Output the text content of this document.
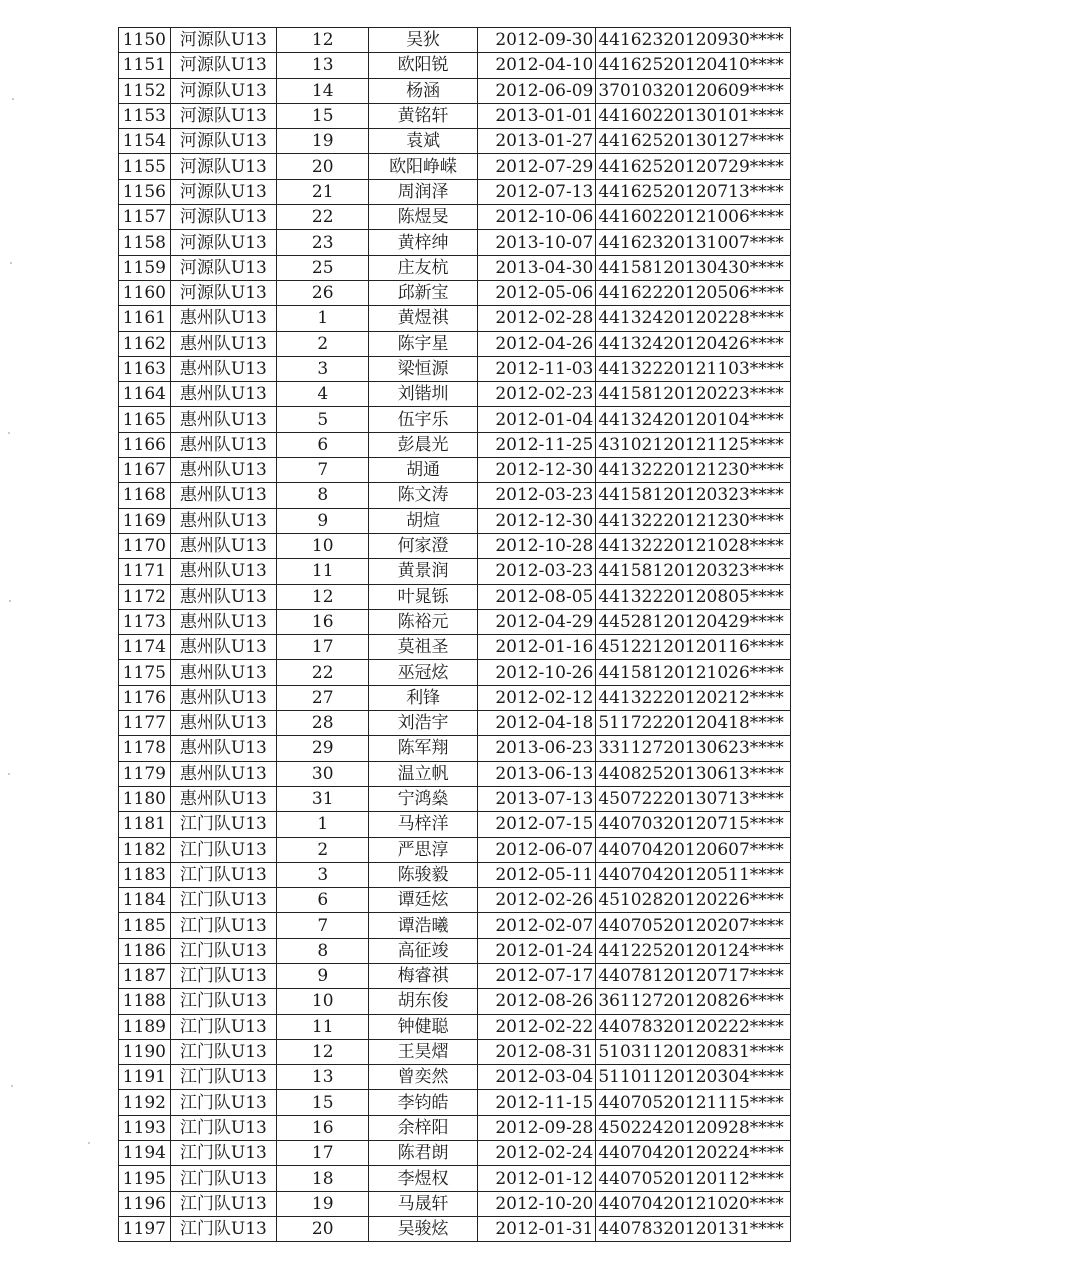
1150	河源队U13	12	吴狄	2012-09-30	44162320120930****
1151	河源队U13	13	欧阳锐	2012-04-10	44162520120410****
1152	河源队U13	14	杨涵	2012-06-09	37010320120609****
1153	河源队U13	15	黄铭轩	2013-01-01	44160220130101****
1154	河源队U13	19	袁斌	2013-01-27	44162520130127****
1155	河源队U13	20	欧阳峥嵘	2012-07-29	44162520120729****
1156	河源队U13	21	周润泽	2012-07-13	44162520120713****
1157	河源队U13	22	陈煜旻	2012-10-06	44160220121006****
1158	河源队U13	23	黄梓绅	2013-10-07	44162320131007****
1159	河源队U13	25	庄友杭	2013-04-30	44158120130430****
1160	河源队U13	26	邱新宝	2012-05-06	44162220120506****
1161	惠州队U13	1	黄煜祺	2012-02-28	44132420120228****
1162	惠州队U13	2	陈宇星	2012-04-26	44132420120426****
1163	惠州队U13	3	梁恒源	2012-11-03	44132220121103****
1164	惠州队U13	4	刘锴圳	2012-02-23	44158120120223****
1165	惠州队U13	5	伍宇乐	2012-01-04	44132420120104****
1166	惠州队U13	6	彭晨光	2012-11-25	43102120121125****
1167	惠州队U13	7	胡通	2012-12-30	44132220121230****
1168	惠州队U13	8	陈文涛	2012-03-23	44158120120323****
1169	惠州队U13	9	胡煊	2012-12-30	44132220121230****
1170	惠州队U13	10	何家澄	2012-10-28	44132220121028****
1171	惠州队U13	11	黄景润	2012-03-23	44158120120323****
1172	惠州队U13	12	叶晁铄	2012-08-05	44132220120805****
1173	惠州队U13	16	陈裕元	2012-04-29	44528120120429****
1174	惠州队U13	17	莫祖圣	2012-01-16	45122120120116****
1175	惠州队U13	22	巫冠炫	2012-10-26	44158120121026****
1176	惠州队U13	27	利锋	2012-02-12	44132220120212****
1177	惠州队U13	28	刘浩宇	2012-04-18	51172220120418****
1178	惠州队U13	29	陈军翔	2013-06-23	33112720130623****
1179	惠州队U13	30	温立帆	2013-06-13	44082520130613****
1180	惠州队U13	31	宁鸿燊	2013-07-13	45072220130713****
1181	江门队U13	1	马梓洋	2012-07-15	44070320120715****
1182	江门队U13	2	严思淳	2012-06-07	44070420120607****
1183	江门队U13	3	陈骏毅	2012-05-11	44070420120511****
1184	江门队U13	6	谭廷炫	2012-02-26	45102820120226****
1185	江门队U13	7	谭浩曦	2012-02-07	44070520120207****
1186	江门队U13	8	高征竣	2012-01-24	44122520120124****
1187	江门队U13	9	梅睿祺	2012-07-17	44078120120717****
1188	江门队U13	10	胡东俊	2012-08-26	36112720120826****
1189	江门队U13	11	钟健聪	2012-02-22	44078320120222****
1190	江门队U13	12	王昊熠	2012-08-31	51031120120831****
1191	江门队U13	13	曾奕然	2012-03-04	51101120120304****
1192	江门队U13	15	李钧皓	2012-11-15	44070520121115****
1193	江门队U13	16	余梓阳	2012-09-28	45022420120928****
1194	江门队U13	17	陈君朗	2012-02-24	44070420120224****
1195	江门队U13	18	李煜权	2012-01-12	44070520120112****
1196	江门队U13	19	马晟轩	2012-10-20	44070420121020****
1197	江门队U13	20	吴骏炫	2012-01-31	44078320120131****
